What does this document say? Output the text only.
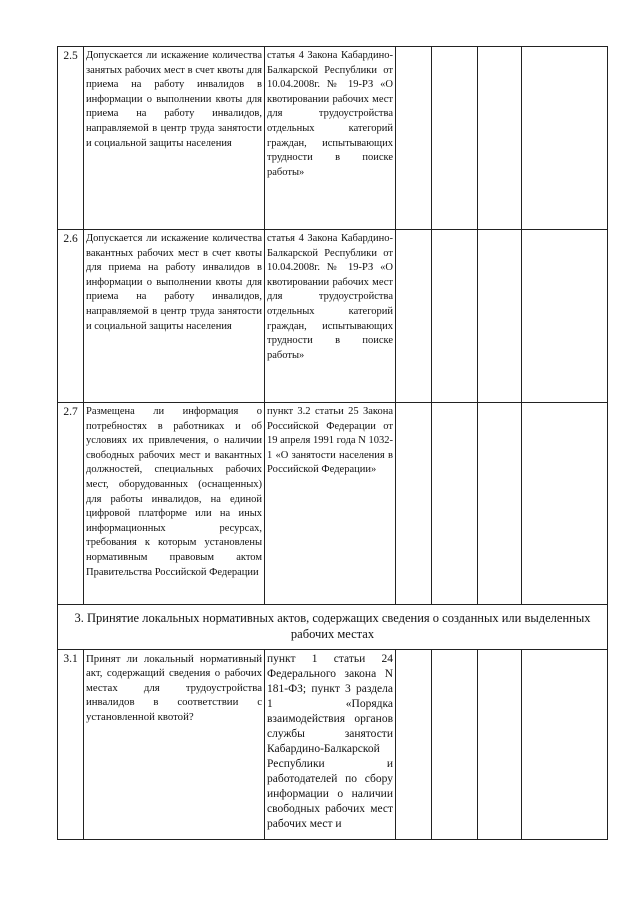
2.5	Допускается ли искажение количества занятых рабочих мест в счет квоты для приема на работу инвалидов в информации о выполнении квоты для приема на работу инвалидов, направляемой в центр труда занятости и социальной защиты населения	статья 4 Закона Кабардино-Балкарской Республики от 10.04.2008г. № 19-РЗ «О квотировании рабочих мест для трудоустройства отдельных категорий граждан, испытывающих трудности в поиске работы»				
2.6	Допускается ли искажение количества вакантных рабочих мест в счет квоты для приема на работу инвалидов в информации о выполнении квоты для приема на работу инвалидов, направляемой в центр труда занятости и социальной защиты населения	статья 4 Закона Кабардино-Балкарской Республики от 10.04.2008г. № 19-РЗ «О квотировании рабочих мест для трудоустройства отдельных категорий граждан, испытывающих трудности в поиске работы»				
2.7	Размещена ли информация о потребностях в работниках и об условиях их привлечения, о наличии свободных рабочих мест и вакантных должностей, специальных рабочих мест, оборудованных (оснащенных) для работы инвалидов, на единой цифровой платформе или на иных информационных ресурсах, требования к которым установлены нормативным правовым актом Правительства Российской Федерации	пункт 3.2 статьи 25 Закона Российской Федерации от 19 апреля 1991 года N 1032-1 «О занятости населения в Российской Федерации»				
3. Принятие локальных нормативных актов, содержащих сведения о созданных или выделенных рабочих местах						
3.1	Принят ли локальный нормативный акт, содержащий сведения о рабочих местах для трудоустройства инвалидов в соответствии с установленной квотой?	пункт 1 статьи 24 Федерального закона N 181-ФЗ; пункт 3 раздела 1 «Порядка взаимодействия органов службы занятости Кабардино-Балкарской Республики и работодателей по сбору информации о наличии свободных рабочих мест рабочих мест и				
